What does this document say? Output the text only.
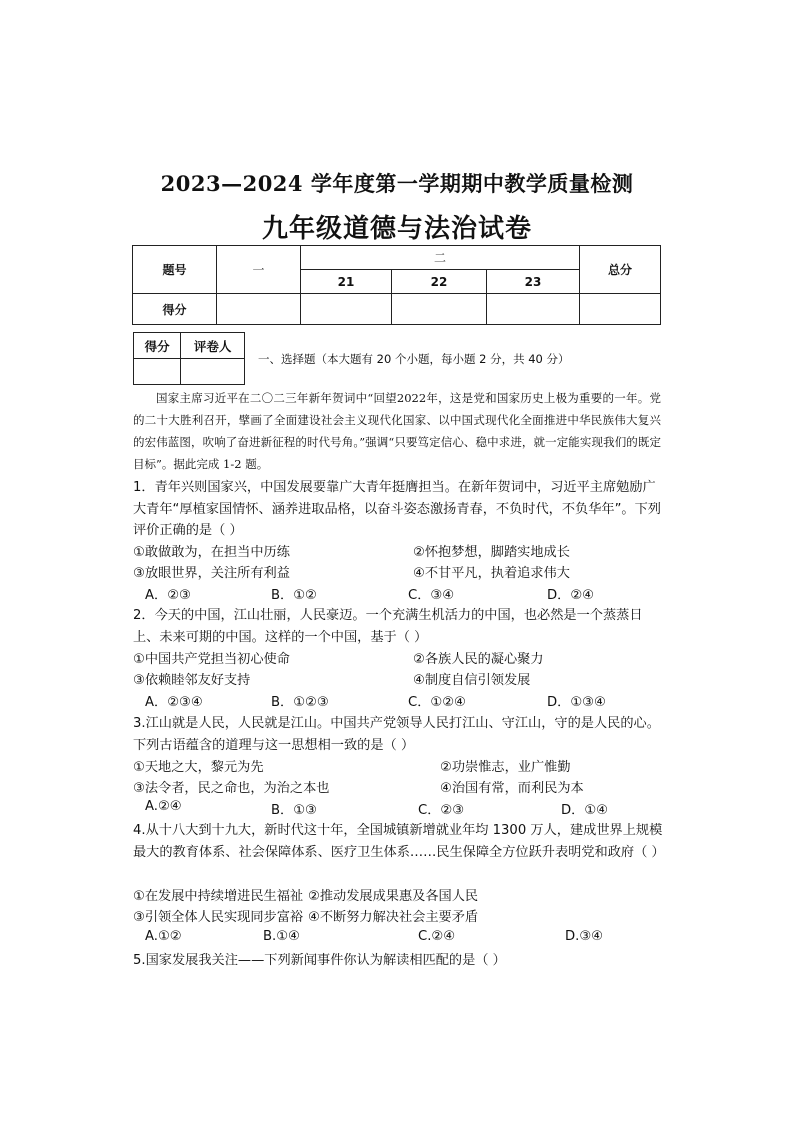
2023—2024 学年度第一学期期中教学质量检测
九年级道德与法治试卷
题号	一	二			总分
		21	22	23	
得分					
得分	评卷人

一、选择题（本大题有 20 个小题，每小题 2 分，共 40 分）
国家主席习近平在二〇二三年新年贺词中“回望2022年，这是党和国家历史上极为重要的一年。党的二十大胜利召开，擘画了全面建设社会主义现代化国家、以中国式现代化全面推进中华民族伟大复兴的宏伟蓝图，吹响了奋进新征程的时代号角。”强调“只要笃定信心、稳中求进，就一定能实现我们的既定目标”。据此完成 1-2 题。
1．青年兴则国家兴，中国发展要靠广大青年挺膺担当。在新年贺词中，习近平主席勉励广大青年“厚植家国情怀、涵养进取品格，以奋斗姿态激扬青春，不负时代，不负华年”。下列评价正确的是（ ）
①敢做敢为，在担当中历练	②怀抱梦想，脚踏实地成长
③放眼世界，关注所有利益	④不甘平凡，执着追求伟大
A．②③	B．①②	C．③④	D．②④
2．今天的中国，江山壮丽，人民豪迈。一个充满生机活力的中国，也必然是一个蒸蒸日上、未来可期的中国。这样的一个中国，基于（ ）
①中国共产党担当初心使命	②各族人民的凝心聚力
③依赖睦邻友好支持	④制度自信引领发展
A．②③④	B．①②③	C．①②④	D．①③④
3.江山就是人民，人民就是江山。中国共产党领导人民打江山、守江山，守的是人民的心。下列古语蕴含的道理与这一思想相一致的是（ ）
①天地之大，黎元为先	②功崇惟志，业广惟勤
③法令者，民之命也，为治之本也	④治国有常，而利民为本
A.②④	B．①③	C．②③	D．①④
4.从十八大到十九大，新时代这十年，全国城镇新增就业年均 1300 万人，建成世界上规模最大的教育体系、社会保障体系、医疗卫生体系……民生保障全方位跃升表明党和政府（ ）
①在发展中持续增进民生福祉 ②推动发展成果惠及各国人民
③引领全体人民实现同步富裕 ④不断努力解决社会主要矛盾
A.①②	B.①④	C.②④	D.③④
5.国家发展我关注——下列新闻事件你认为解读相匹配的是（ ）
